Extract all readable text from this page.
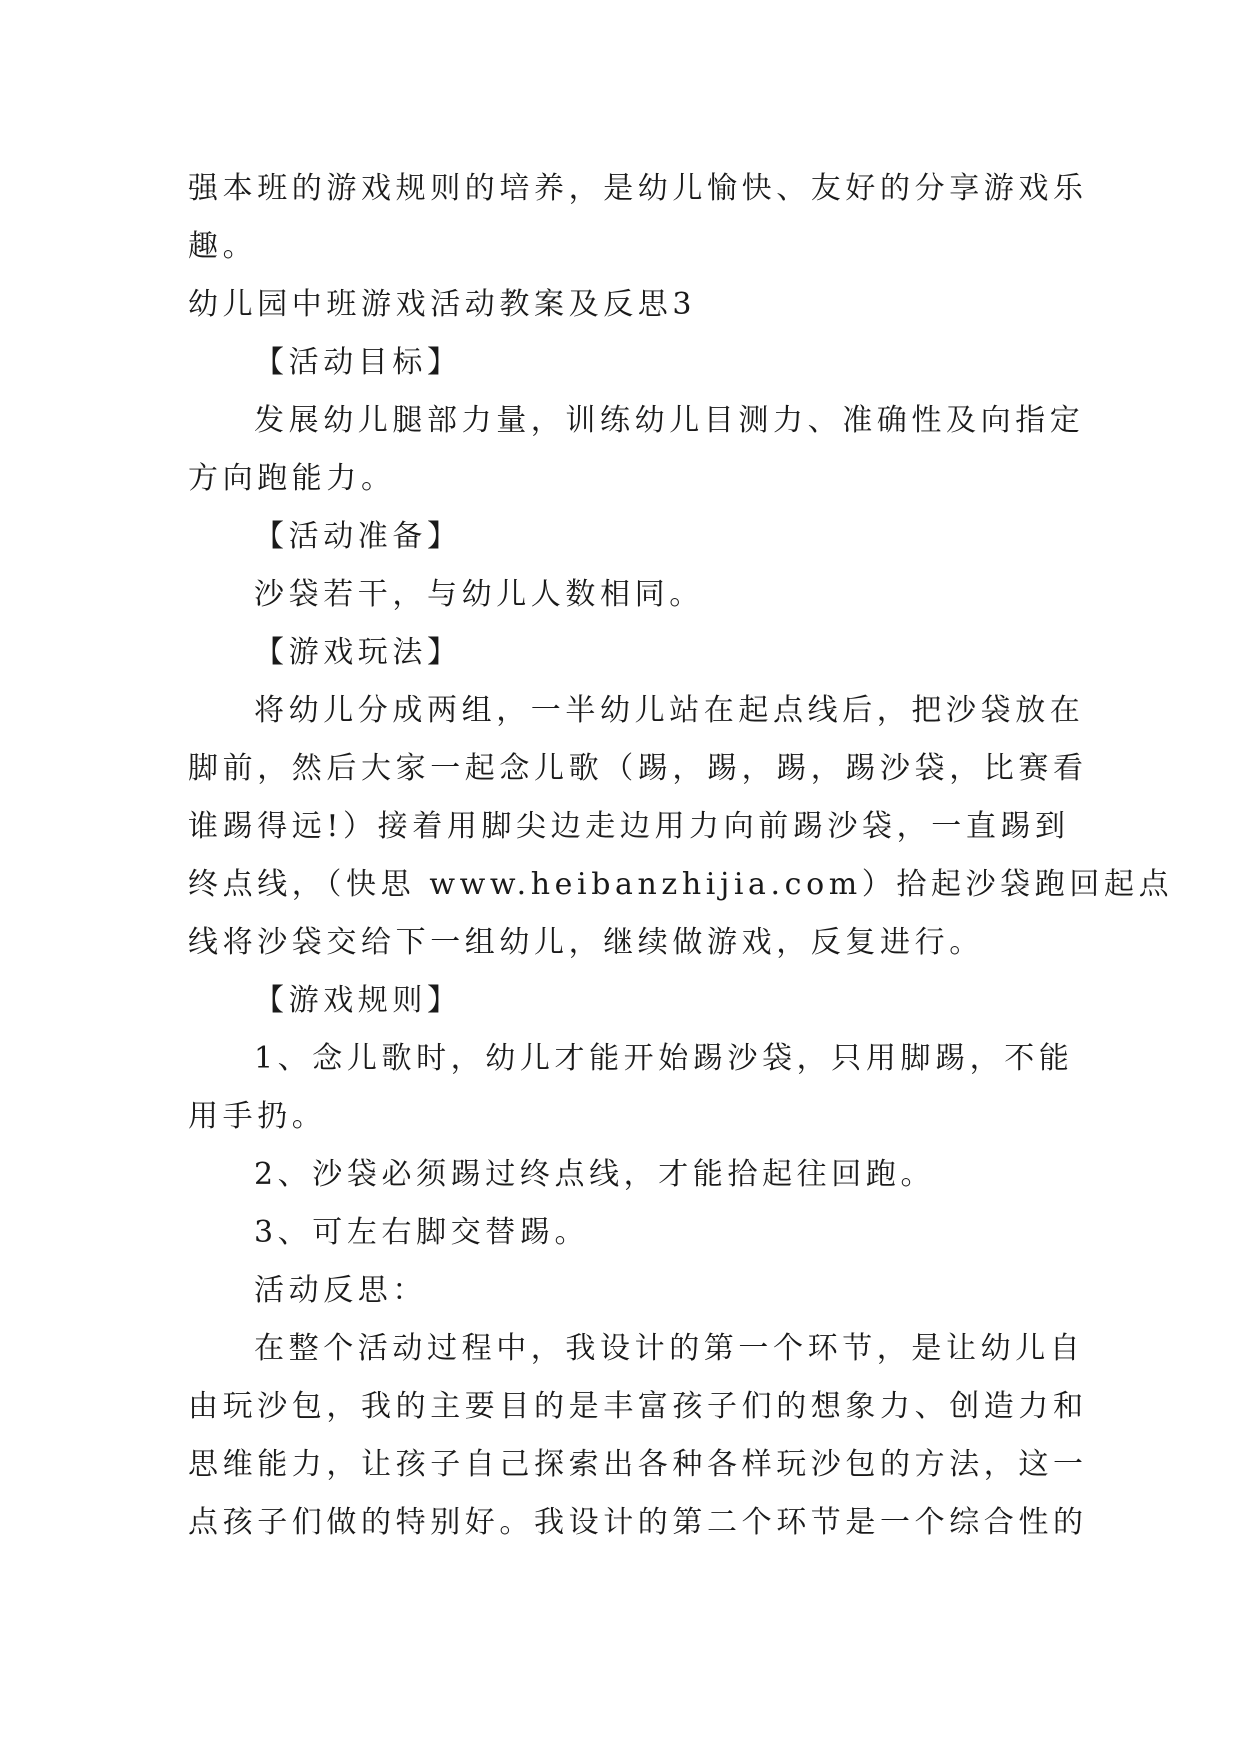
强本班的游戏规则的培养，是幼儿愉快、友好的分享游戏乐
趣。
幼儿园中班游戏活动教案及反思3
【活动目标】
发展幼儿腿部力量，训练幼儿目测力、准确性及向指定
方向跑能力。
【活动准备】
沙袋若干，与幼儿人数相同。
【游戏玩法】
将幼儿分成两组，一半幼儿站在起点线后，把沙袋放在
脚前，然后大家一起念儿歌（踢，踢，踢，踢沙袋，比赛看
谁踢得远!）接着用脚尖边走边用力向前踢沙袋，一直踢到
终点线，（快思 www.heibanzhijia.com）拾起沙袋跑回起点
线将沙袋交给下一组幼儿，继续做游戏，反复进行。
【游戏规则】
1、念儿歌时，幼儿才能开始踢沙袋，只用脚踢，不能
用手扔。
2、沙袋必须踢过终点线，才能拾起往回跑。
3、可左右脚交替踢。
活动反思：
在整个活动过程中，我设计的第一个环节，是让幼儿自
由玩沙包，我的主要目的是丰富孩子们的想象力、创造力和
思维能力，让孩子自己探索出各种各样玩沙包的方法，这一
点孩子们做的特别好。我设计的第二个环节是一个综合性的
